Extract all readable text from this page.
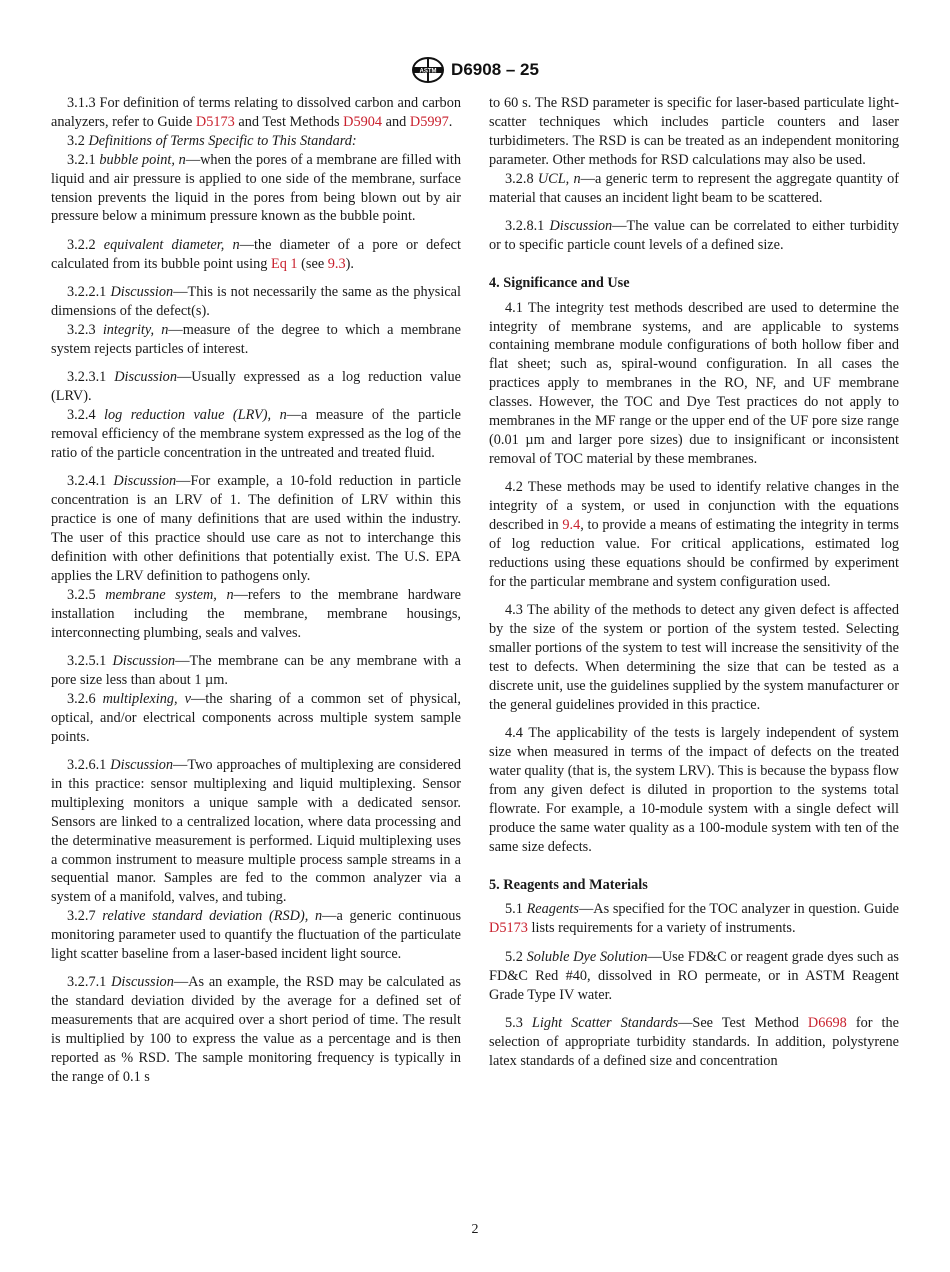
ASTM D6908 – 25

3.1.3 For definition of terms relating to dissolved carbon and carbon analyzers, refer to Guide D5173 and Test Methods D5904 and D5997.

3.2 Definitions of Terms Specific to This Standard:

3.2.1 bubble point, n—when the pores of a membrane are filled with liquid and air pressure is applied to one side of the membrane, surface tension prevents the liquid in the pores from being blown out by air pressure below a minimum pressure known as the bubble point.

3.2.2 equivalent diameter, n—the diameter of a pore or defect calculated from its bubble point using Eq 1 (see 9.3).

3.2.2.1 Discussion—This is not necessarily the same as the physical dimensions of the defect(s).

3.2.3 integrity, n—measure of the degree to which a membrane system rejects particles of interest.

3.2.3.1 Discussion—Usually expressed as a log reduction value (LRV).

3.2.4 log reduction value (LRV), n—a measure of the particle removal efficiency of the membrane system expressed as the log of the ratio of the particle concentration in the untreated and treated fluid.

3.2.4.1 Discussion—For example, a 10-fold reduction in particle concentration is an LRV of 1. The definition of LRV within this practice is one of many definitions that are used within the industry. The user of this practice should use care as not to interchange this definition with other definitions that potentially exist. The U.S. EPA applies the LRV definition to pathogens only.

3.2.5 membrane system, n—refers to the membrane hardware installation including the membrane, membrane housings, interconnecting plumbing, seals and valves.

3.2.5.1 Discussion—The membrane can be any membrane with a pore size less than about 1 µm.

3.2.6 multiplexing, v—the sharing of a common set of physical, optical, and/or electrical components across multiple system sample points.

3.2.6.1 Discussion—Two approaches of multiplexing are considered in this practice: sensor multiplexing and liquid multiplexing. Sensor multiplexing monitors a unique sample with a dedicated sensor. Sensors are linked to a centralized location, where data processing and the determinative measurement is performed. Liquid multiplexing uses a common instrument to measure multiple process sample streams in a sequential manor. Samples are fed to the common analyzer via a system of a manifold, valves, and tubing.

3.2.7 relative standard deviation (RSD), n—a generic continuous monitoring parameter used to quantify the fluctuation of the particulate light scatter baseline from a laser-based incident light source.

3.2.7.1 Discussion—As an example, the RSD may be calculated as the standard deviation divided by the average for a defined set of measurements that are acquired over a short period of time. The result is multiplied by 100 to express the value as a percentage and is then reported as % RSD. The sample monitoring frequency is typically in the range of 0.1 s

to 60 s. The RSD parameter is specific for laser-based particulate light-scatter techniques which includes particle counters and laser turbidimeters. The RSD is can be treated as an independent monitoring parameter. Other methods for RSD calculations may also be used.

3.2.8 UCL, n—a generic term to represent the aggregate quantity of material that causes an incident light beam to be scattered.

3.2.8.1 Discussion—The value can be correlated to either turbidity or to specific particle count levels of a defined size.

4. Significance and Use

4.1 The integrity test methods described are used to determine the integrity of membrane systems, and are applicable to systems containing membrane module configurations of both hollow fiber and flat sheet; such as, spiral-wound configuration. In all cases the practices apply to membranes in the RO, NF, and UF membrane classes. However, the TOC and Dye Test practices do not apply to membranes in the MF range or the upper end of the UF pore size range (0.01 µm and larger pore sizes) due to insignificant or inconsistent removal of TOC material by these membranes.

4.2 These methods may be used to identify relative changes in the integrity of a system, or used in conjunction with the equations described in 9.4, to provide a means of estimating the integrity in terms of log reduction value. For critical applications, estimated log reductions using these equations should be confirmed by experiment for the particular membrane and system configuration used.

4.3 The ability of the methods to detect any given defect is affected by the size of the system or portion of the system tested. Selecting smaller portions of the system to test will increase the sensitivity of the test to defects. When determining the size that can be tested as a discrete unit, use the guidelines supplied by the system manufacturer or the general guidelines provided in this practice.

4.4 The applicability of the tests is largely independent of system size when measured in terms of the impact of defects on the treated water quality (that is, the system LRV). This is because the bypass flow from any given defect is diluted in proportion to the systems total flowrate. For example, a 10-module system with a single defect will produce the same water quality as a 100-module system with ten of the same size defects.

5. Reagents and Materials

5.1 Reagents—As specified for the TOC analyzer in question. Guide D5173 lists requirements for a variety of instruments.

5.2 Soluble Dye Solution—Use FD&C or reagent grade dyes such as FD&C Red #40, dissolved in RO permeate, or in ASTM Reagent Grade Type IV water.

5.3 Light Scatter Standards—See Test Method D6698 for the selection of appropriate turbidity standards. In addition, polystyrene latex standards of a defined size and concentration

2
